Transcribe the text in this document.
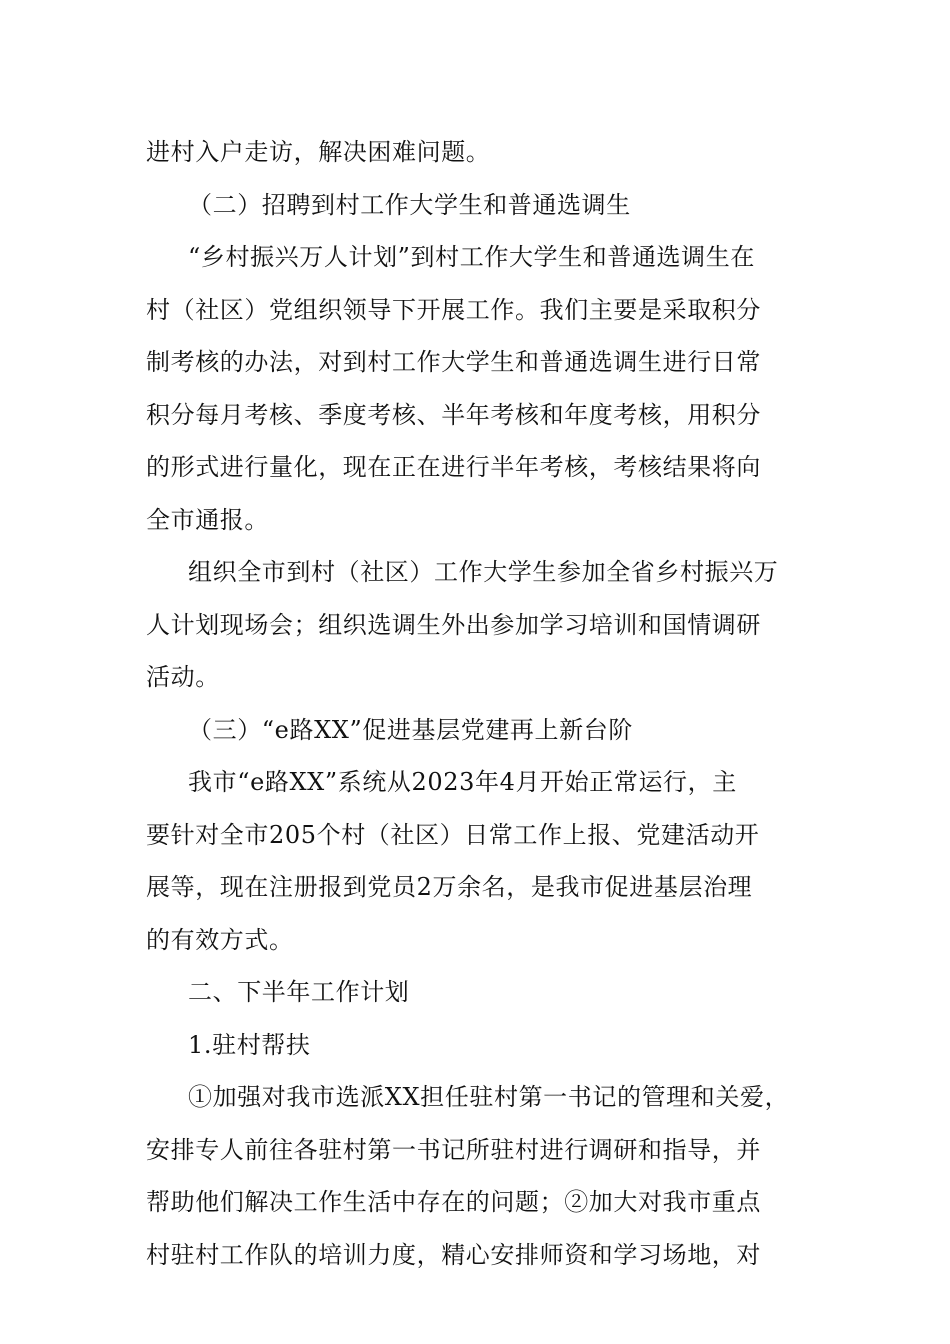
进村入户走访，解决困难问题。
（二）招聘到村工作大学生和普通选调生
“乡村振兴万人计划”到村工作大学生和普通选调生在
村（社区）党组织领导下开展工作。我们主要是采取积分
制考核的办法，对到村工作大学生和普通选调生进行日常
积分每月考核、季度考核、半年考核和年度考核，用积分
的形式进行量化，现在正在进行半年考核，考核结果将向
全市通报。
组织全市到村（社区）工作大学生参加全省乡村振兴万
人计划现场会；组织选调生外出参加学习培训和国情调研
活动。
（三）“e路XX”促进基层党建再上新台阶
我市“e路XX”系统从2023年4月开始正常运行，主
要针对全市205个村（社区）日常工作上报、党建活动开
展等，现在注册报到党员2万余名，是我市促进基层治理
的有效方式。
二、下半年工作计划
1.驻村帮扶
①加强对我市选派XX担任驻村第一书记的管理和关爱，
安排专人前往各驻村第一书记所驻村进行调研和指导，并
帮助他们解决工作生活中存在的问题；②加大对我市重点
村驻村工作队的培训力度，精心安排师资和学习场地，对
